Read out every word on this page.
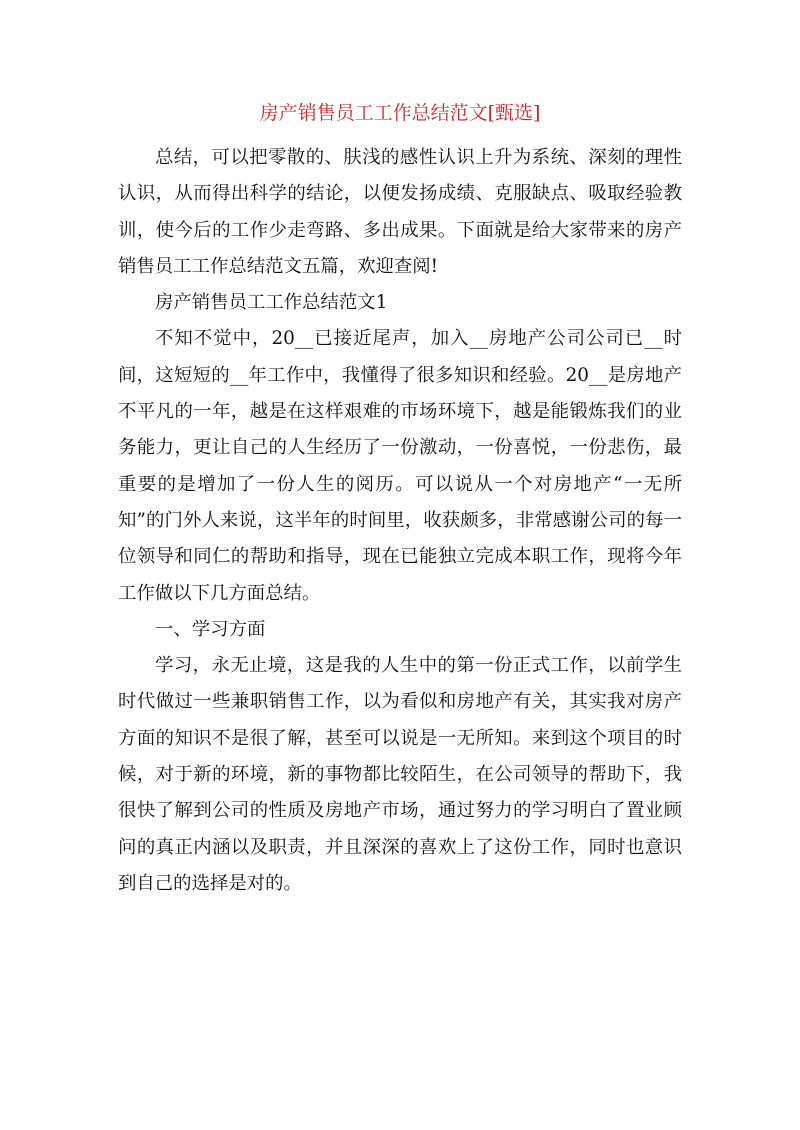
房产销售员工工作总结范文[甄选]

总结，可以把零散的、肤浅的感性认识上升为系统、深刻的理性认识，从而得出科学的结论，以便发扬成绩、克服缺点、吸取经验教训，使今后的工作少走弯路、多出成果。下面就是给大家带来的房产销售员工工作总结范文五篇，欢迎查阅!

房产销售员工工作总结范文1

不知不觉中，20__已接近尾声，加入__房地产公司公司已__时间，这短短的__年工作中，我懂得了很多知识和经验。20__是房地产不平凡的一年，越是在这样艰难的市场环境下，越是能锻炼我们的业务能力，更让自己的人生经历了一份激动，一份喜悦，一份悲伤，最重要的是增加了一份人生的阅历。可以说从一个对房地产“一无所知”的门外人来说，这半年的时间里，收获颇多，非常感谢公司的每一位领导和同仁的帮助和指导，现在已能独立完成本职工作，现将今年工作做以下几方面总结。

一、学习方面

学习，永无止境，这是我的人生中的第一份正式工作，以前学生时代做过一些兼职销售工作，以为看似和房地产有关，其实我对房产方面的知识不是很了解，甚至可以说是一无所知。来到这个项目的时候，对于新的环境，新的事物都比较陌生，在公司领导的帮助下，我很快了解到公司的性质及房地产市场，通过努力的学习明白了置业顾问的真正内涵以及职责，并且深深的喜欢上了这份工作，同时也意识到自己的选择是对的。
